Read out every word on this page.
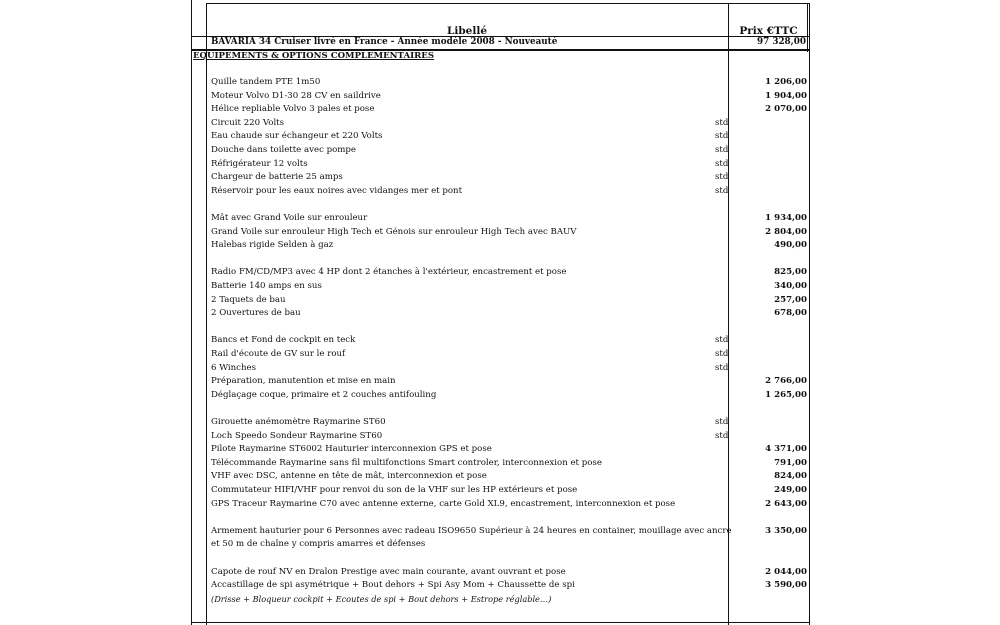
Libellé	Prix €TTC
BAVARIA 34 Cruiser livré en France - Année modèle 2008 - Nouveauté	97 328,00
EQUIPEMENTS & OPTIONS COMPLEMENTAIRES
Quille tandem PTE 1m50	1 206,00
Moteur Volvo D1-30 28 CV en saildrive	1 904,00
Hélice repliable Volvo 3 pales et pose	2 070,00
Circuit 220 Volts	std
Eau chaude sur échangeur et 220 Volts	std
Douche dans toilette avec pompe	std
Réfrigérateur 12 volts	std
Chargeur de batterie 25 amps	std
Réservoir pour les eaux noires avec vidanges mer et pont	std
Mât avec Grand Voile sur enrouleur	1 934,00
Grand Voile sur enrouleur High Tech et Génois sur enrouleur High Tech avec BAUV	2 804,00
Halebas rigide Selden à gaz	490,00
Radio FM/CD/MP3 avec 4 HP dont 2 étanches à l'extérieur, encastrement et pose	825,00
Batterie 140 amps en sus	340,00
2 Taquets de bau	257,00
2 Ouvertures de bau	678,00
Bancs et Fond de cockpit en teck	std
Rail d'écoute de GV sur le rouf	std
6 Winches	std
Préparation, manutention et mise en main	2 766,00
Déglaçage coque, primaire et 2 couches antifouling	1 265,00
Girouette anémomètre Raymarine ST60	std
Loch Speedo Sondeur Raymarine ST60	std
Pilote Raymarine ST6002 Hauturier interconnexion GPS et pose	4 371,00
Télécommande Raymarine sans fil multifonctions Smart controler, interconnexion et pose	791,00
VHF avec DSC, antenne en tête de mât, interconnexion et pose	824,00
Commutateur HIFI/VHF pour renvoi du son de la VHF sur les HP extérieurs et pose	249,00
GPS Traceur Raymarine C70 avec antenne externe, carte Gold XL9, encastrement, interconnexion et pose	2 643,00
Armement hauturier pour 6 Personnes avec radeau ISO9650 Supérieur à 24 heures en container, mouillage avec ancre	3 350,00
et 50 m de chaîne y compris amarres et défenses
Capote de rouf NV en Dralon Prestige avec main courante, avant ouvrant et pose	2 044,00
Accastillage de spi asymétrique + Bout dehors + Spi Asy Mom + Chaussette de spi	3 590,00
(Drisse + Bloqueur cockpit + Ecoutes de spi + Bout dehors + Estrope réglable…)
